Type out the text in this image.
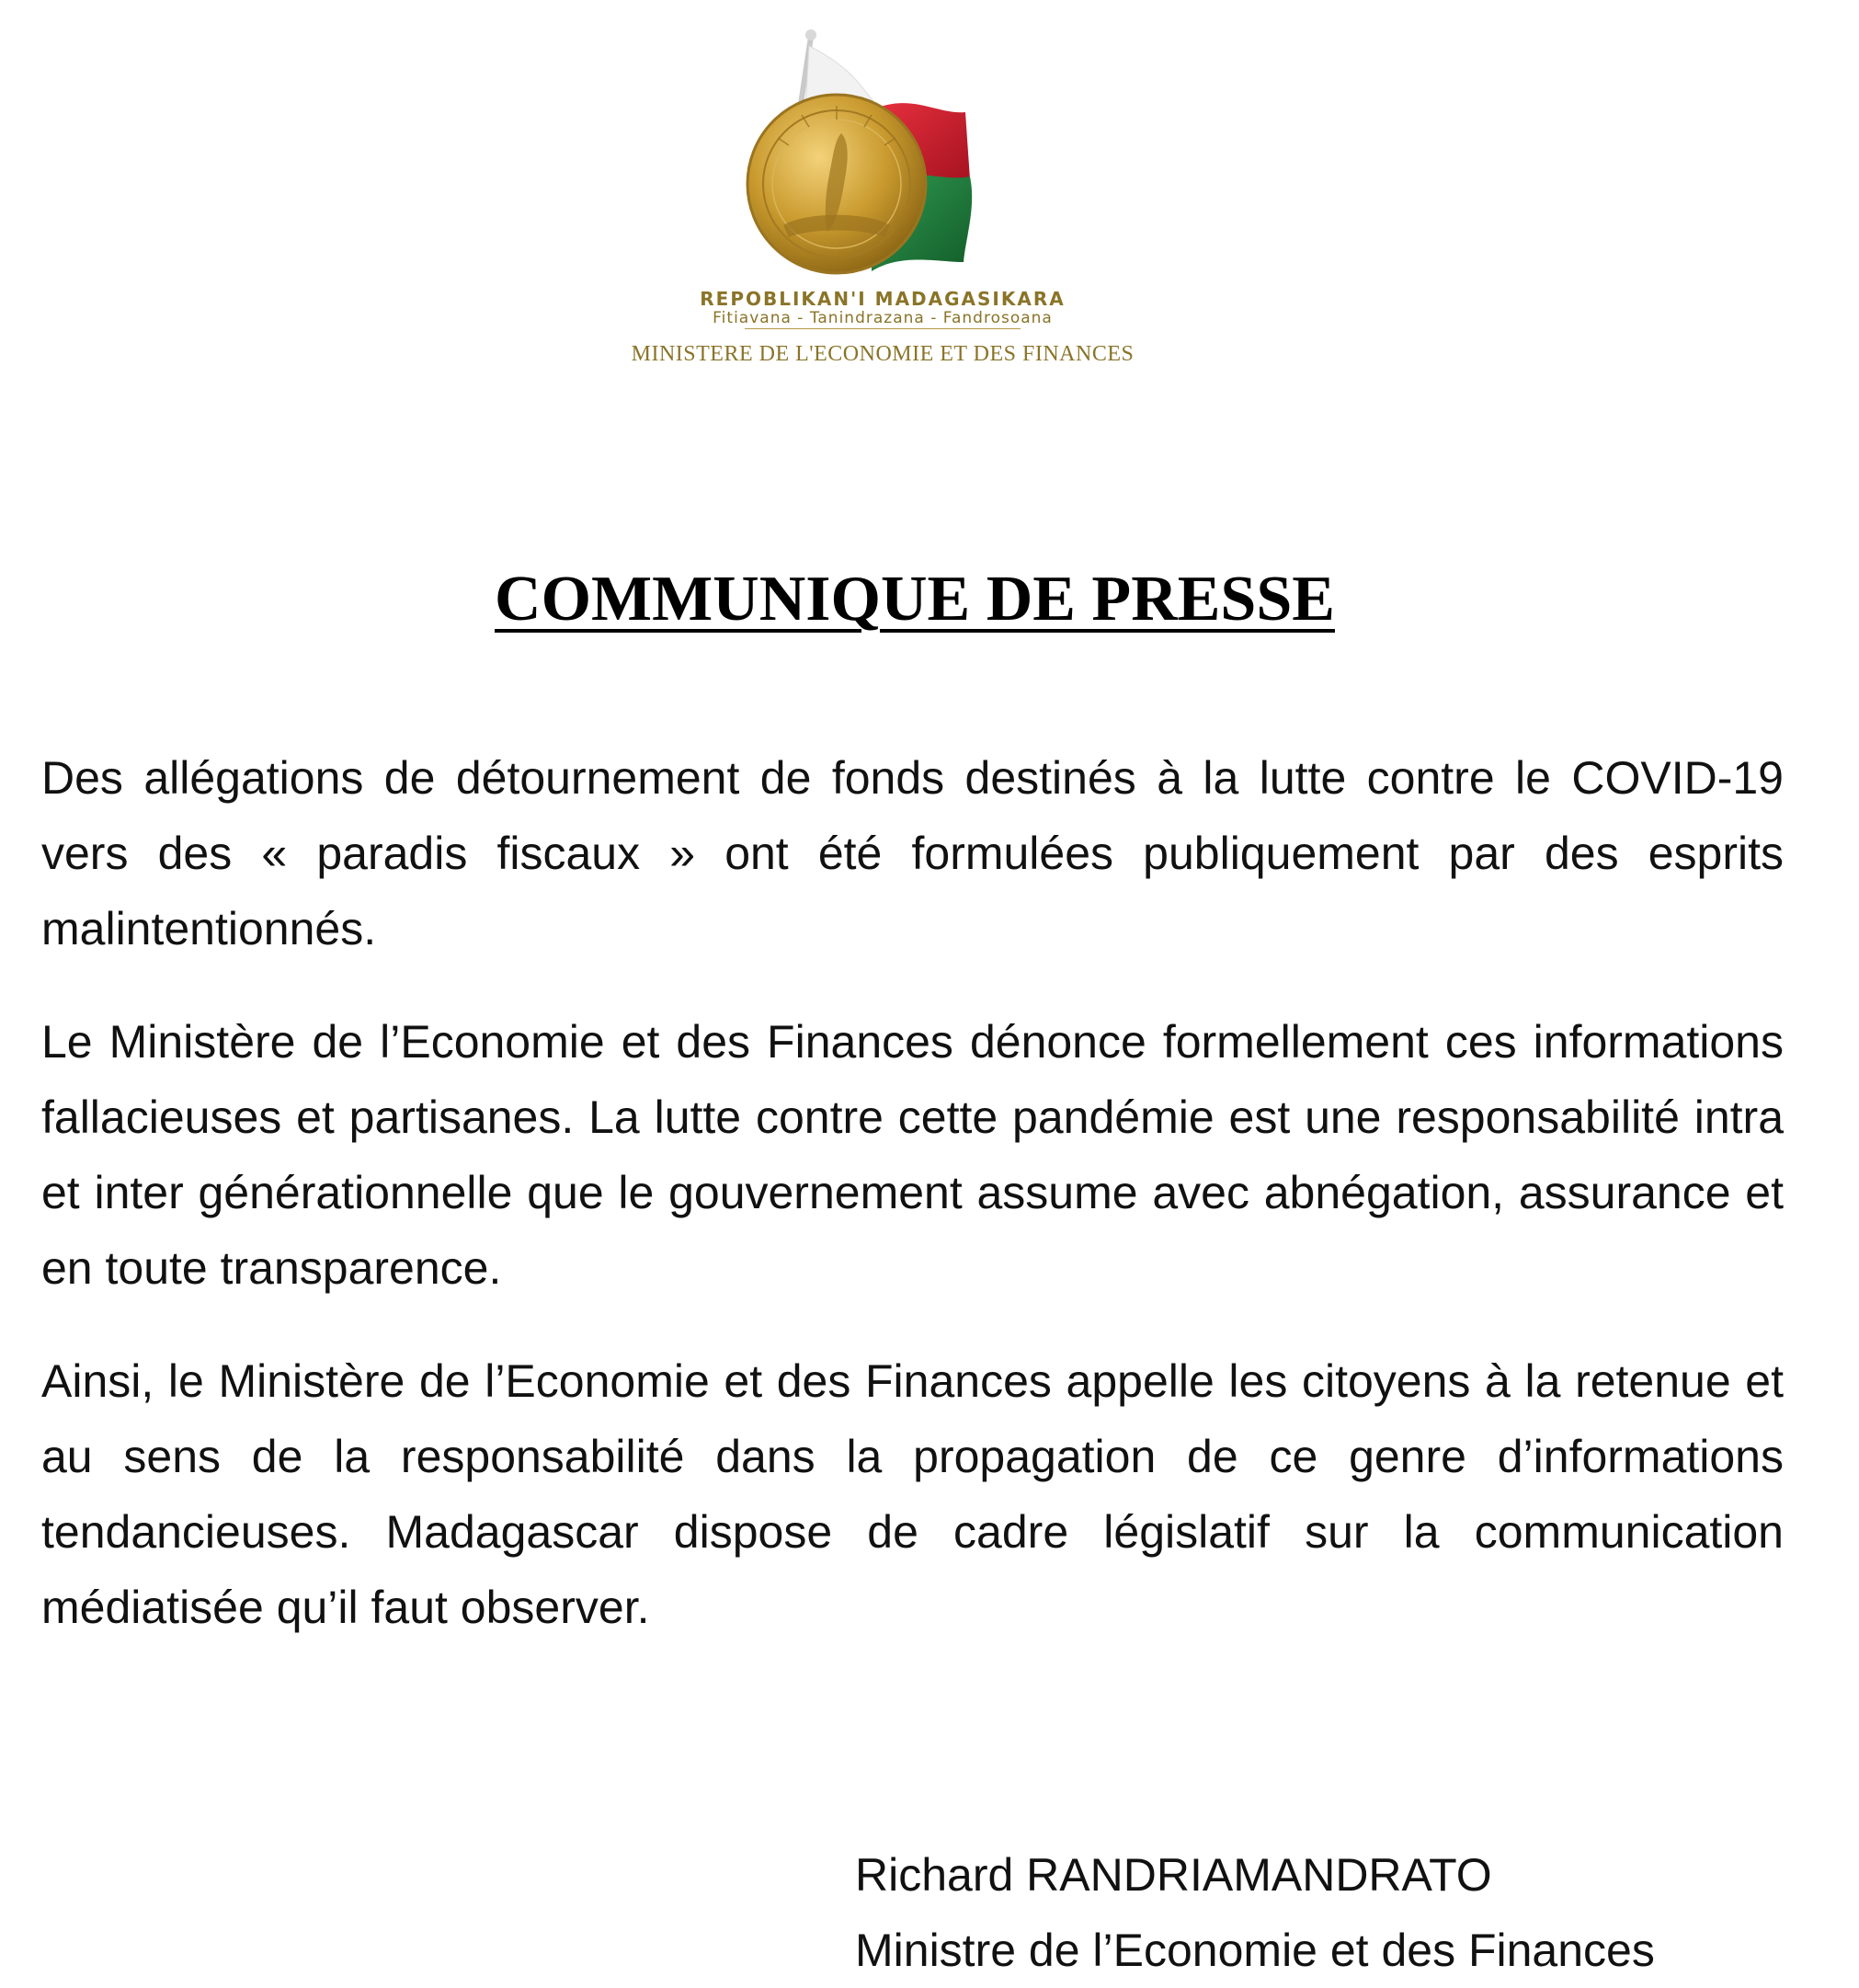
REPOBLIKAN'I MADAGASIKARA
Fitiavana - Tanindrazana - Fandrosoana
MINISTERE DE L'ECONOMIE ET DES FINANCES
COMMUNIQUE DE PRESSE

Des allégations de détournement de fonds destinés à la lutte contre le COVID-19 vers des « paradis fiscaux » ont été formulées publiquement par des esprits malintentionnés.

Le Ministère de l’Economie et des Finances dénonce formellement ces informations fallacieuses et partisanes. La lutte contre cette pandémie est une responsabilité intra et inter générationnelle que le gouvernement assume avec abnégation, assurance et en toute transparence.

Ainsi, le Ministère de l’Economie et des Finances appelle les citoyens à la retenue et au sens de la responsabilité dans la propagation de ce genre d’informations tendancieuses. Madagascar dispose de cadre législatif sur la communication médiatisée qu’il faut observer.

Richard RANDRIAMANDRATO
Ministre de l’Economie et des Finances
